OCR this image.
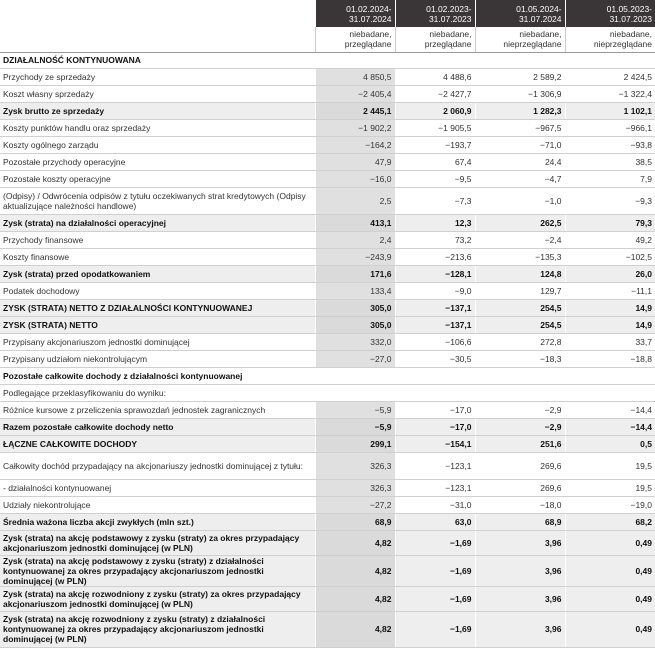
	01.02.2024-31.07.2024	01.02.2023-31.07.2023	01.05.2024-31.07.2024	01.05.2023-31.07.2023
	niebadane, przeglądane	niebadane, przeglądane	niebadane, nieprzeglądane	niebadane, nieprzeglądane
DZIAŁALNOŚĆ KONTYNUOWANA				
Przychody ze sprzedaży	4 850,5	4 488,6	2 589,2	2 424,5
Koszt własny sprzedaży	−2 405,4	−2 427,7	−1 306,9	−1 322,4
Zysk brutto ze sprzedaży	2 445,1	2 060,9	1 282,3	1 102,1
Koszty punktów handlu oraz sprzedaży	−1 902,2	−1 905,5	−967,5	−966,1
Koszty ogólnego zarządu	−164,2	−193,7	−71,0	−93,8
Pozostałe przychody operacyjne	47,9	67,4	24,4	38,5
Pozostałe koszty operacyjne	−16,0	−9,5	−4,7	7,9
(Odpisy) / Odwrócenia odpisów z tytułu oczekiwanych strat kredytowych (Odpisy aktualizujące należności handlowe)	2,5	−7,3	−1,0	−9,3
Zysk (strata) na działalności operacyjnej	413,1	12,3	262,5	79,3
Przychody finansowe	2,4	73,2	−2,4	49,2
Koszty finansowe	−243,9	−213,6	−135,3	−102,5
Zysk (strata) przed opodatkowaniem	171,6	−128,1	124,8	26,0
Podatek dochodowy	133,4	−9,0	129,7	−11,1
ZYSK (STRATA) NETTO Z DZIAŁALNOŚCI KONTYNUOWANEJ	305,0	−137,1	254,5	14,9
ZYSK (STRATA) NETTO	305,0	−137,1	254,5	14,9
Przypisany akcjonariuszom jednostki dominującej	332,0	−106,6	272,8	33,7
Przypisany udziałom niekontrolującym	−27,0	−30,5	−18,3	−18,8
Pozostałe całkowite dochody z działalności kontynuowanej				
Podlegające przeklasyfikowaniu do wyniku:				
Różnice kursowe z przeliczenia sprawozdań jednostek zagranicznych	−5,9	−17,0	−2,9	−14,4
Razem pozostałe całkowite dochody netto	−5,9	−17,0	−2,9	−14,4
ŁĄCZNE CAŁKOWITE DOCHODY	299,1	−154,1	251,6	0,5
Całkowity dochód przypadający na akcjonariuszy jednostki dominującej z tytułu:	326,3	−123,1	269,6	19,5
- działalności kontynuowanej	326,3	−123,1	269,6	19,5
Udziały niekontrolujące	−27,2	−31,0	−18,0	−19,0
Średnia ważona liczba akcji zwykłych (mln szt.)	68,9	63,0	68,9	68,2
Zysk (strata) na akcję podstawowy z zysku (straty) za okres przypadający akcjonariuszom jednostki dominującej (w PLN)	4,82	−1,69	3,96	0,49
Zysk (strata) na akcję podstawowy z zysku (straty) z działalności kontynuowanej za okres przypadający akcjonariuszom jednostki dominującej (w PLN)	4,82	−1,69	3,96	0,49
Zysk (strata) na akcję rozwodniony z zysku (straty) za okres przypadający akcjonariuszom jednostki dominującej (w PLN)	4,82	−1,69	3,96	0,49
Zysk (strata) na akcję rozwodniony z zysku (straty) z działalności kontynuowanej za okres przypadający akcjonariuszom jednostki dominującej (w PLN)	4,82	−1,69	3,96	0,49
